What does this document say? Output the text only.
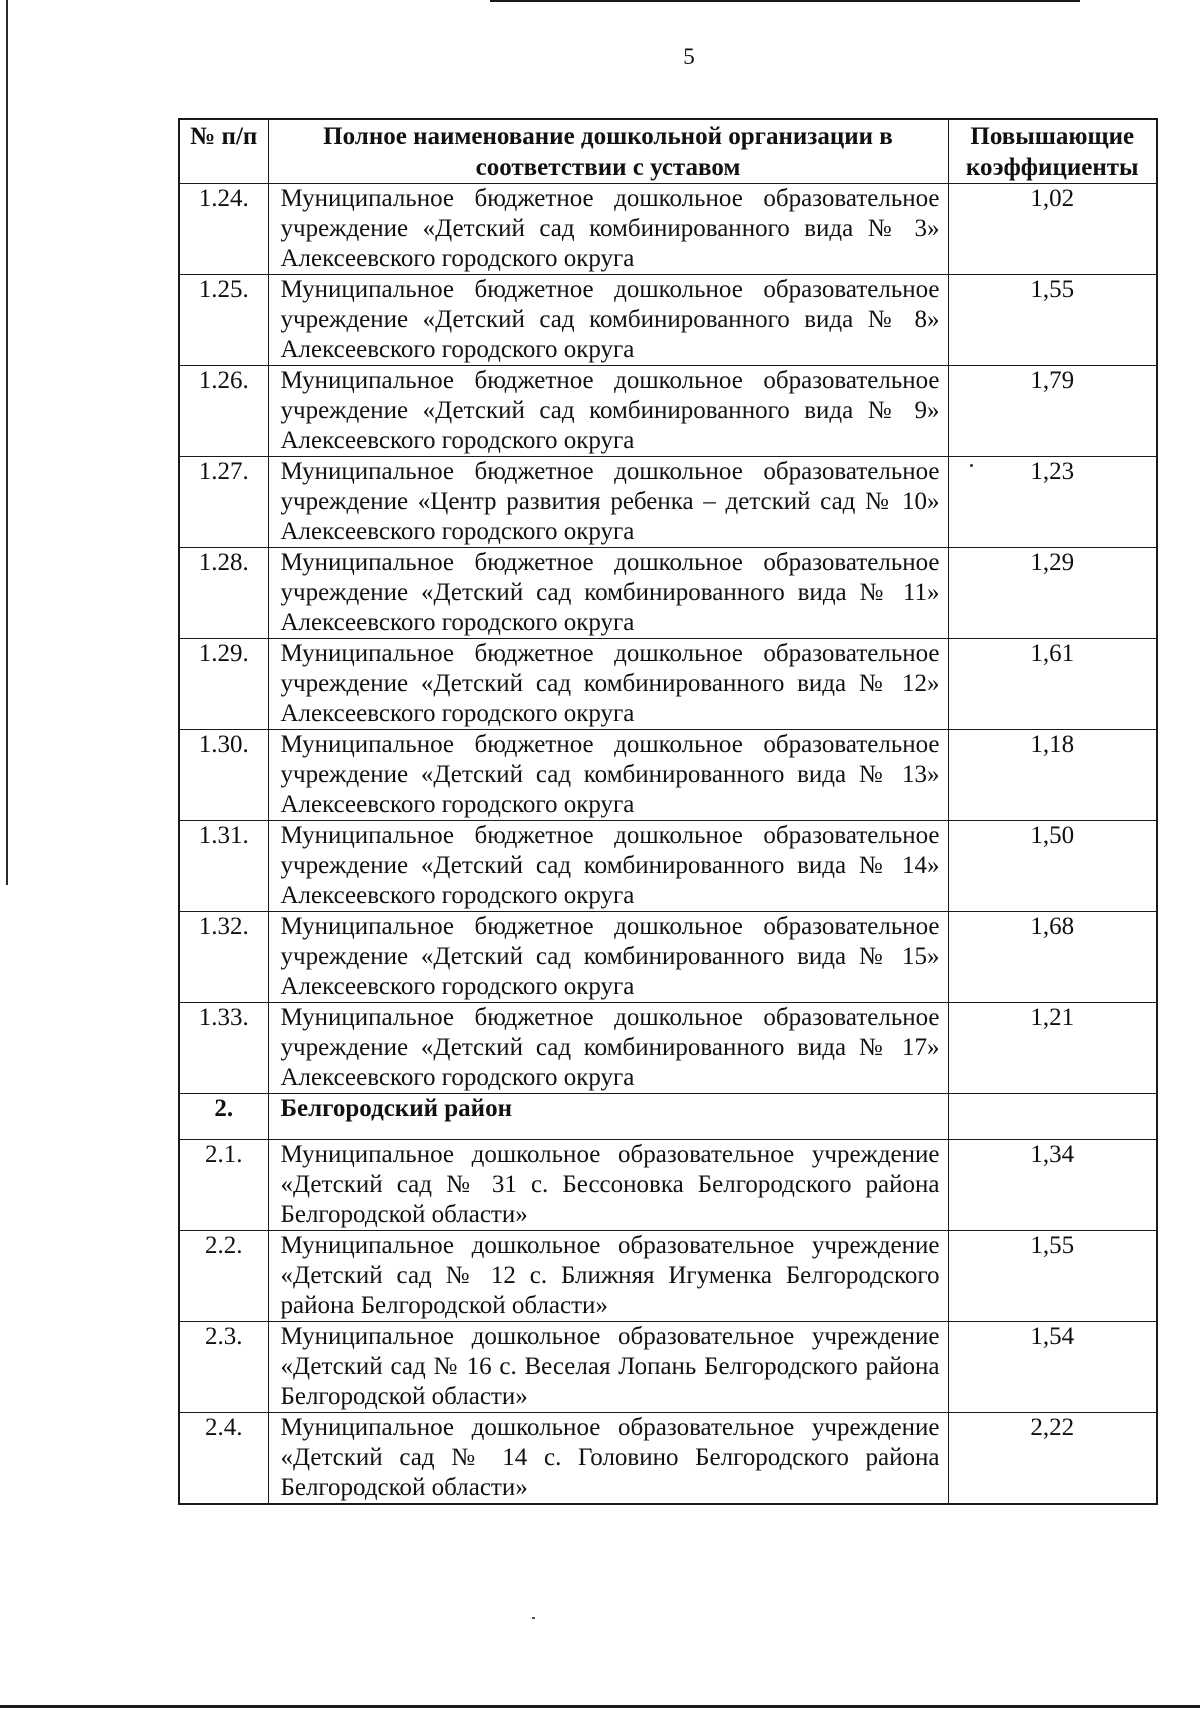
5
№ п/п	Полное наименование дошкольной организации в соответствии с уставом	Повышающие коэффициенты
1.24.	Муниципальное бюджетное дошкольное образовательное учреждение «Детский сад комбинированного вида № 3» Алексеевского городского округа	1,02
1.25.	Муниципальное бюджетное дошкольное образовательное учреждение «Детский сад комбинированного вида № 8» Алексеевского городского округа	1,55
1.26.	Муниципальное бюджетное дошкольное образовательное учреждение «Детский сад комбинированного вида № 9» Алексеевского городского округа	1,79
1.27.	Муниципальное бюджетное дошкольное образовательное учреждение «Центр развития ребенка – детский сад № 10» Алексеевского городского округа	1,23
1.28.	Муниципальное бюджетное дошкольное образовательное учреждение «Детский сад комбинированного вида № 11» Алексеевского городского округа	1,29
1.29.	Муниципальное бюджетное дошкольное образовательное учреждение «Детский сад комбинированного вида № 12» Алексеевского городского округа	1,61
1.30.	Муниципальное бюджетное дошкольное образовательное учреждение «Детский сад комбинированного вида № 13» Алексеевского городского округа	1,18
1.31.	Муниципальное бюджетное дошкольное образовательное учреждение «Детский сад комбинированного вида № 14» Алексеевского городского округа	1,50
1.32.	Муниципальное бюджетное дошкольное образовательное учреждение «Детский сад комбинированного вида № 15» Алексеевского городского округа	1,68
1.33.	Муниципальное бюджетное дошкольное образовательное учреждение «Детский сад комбинированного вида № 17» Алексеевского городского округа	1,21
2.	Белгородский район	
2.1.	Муниципальное дошкольное образовательное учреждение «Детский сад № 31 с. Бессоновка Белгородского района Белгородской области»	1,34
2.2.	Муниципальное дошкольное образовательное учреждение «Детский сад № 12 с. Ближняя Игуменка Белгородского района Белгородской области»	1,55
2.3.	Муниципальное дошкольное образовательное учреждение «Детский сад № 16 с. Веселая Лопань Белгородского района Белгородской области»	1,54
2.4.	Муниципальное дошкольное образовательное учреждение «Детский сад № 14 с. Головино Белгородского района Белгородской области»	2,22
